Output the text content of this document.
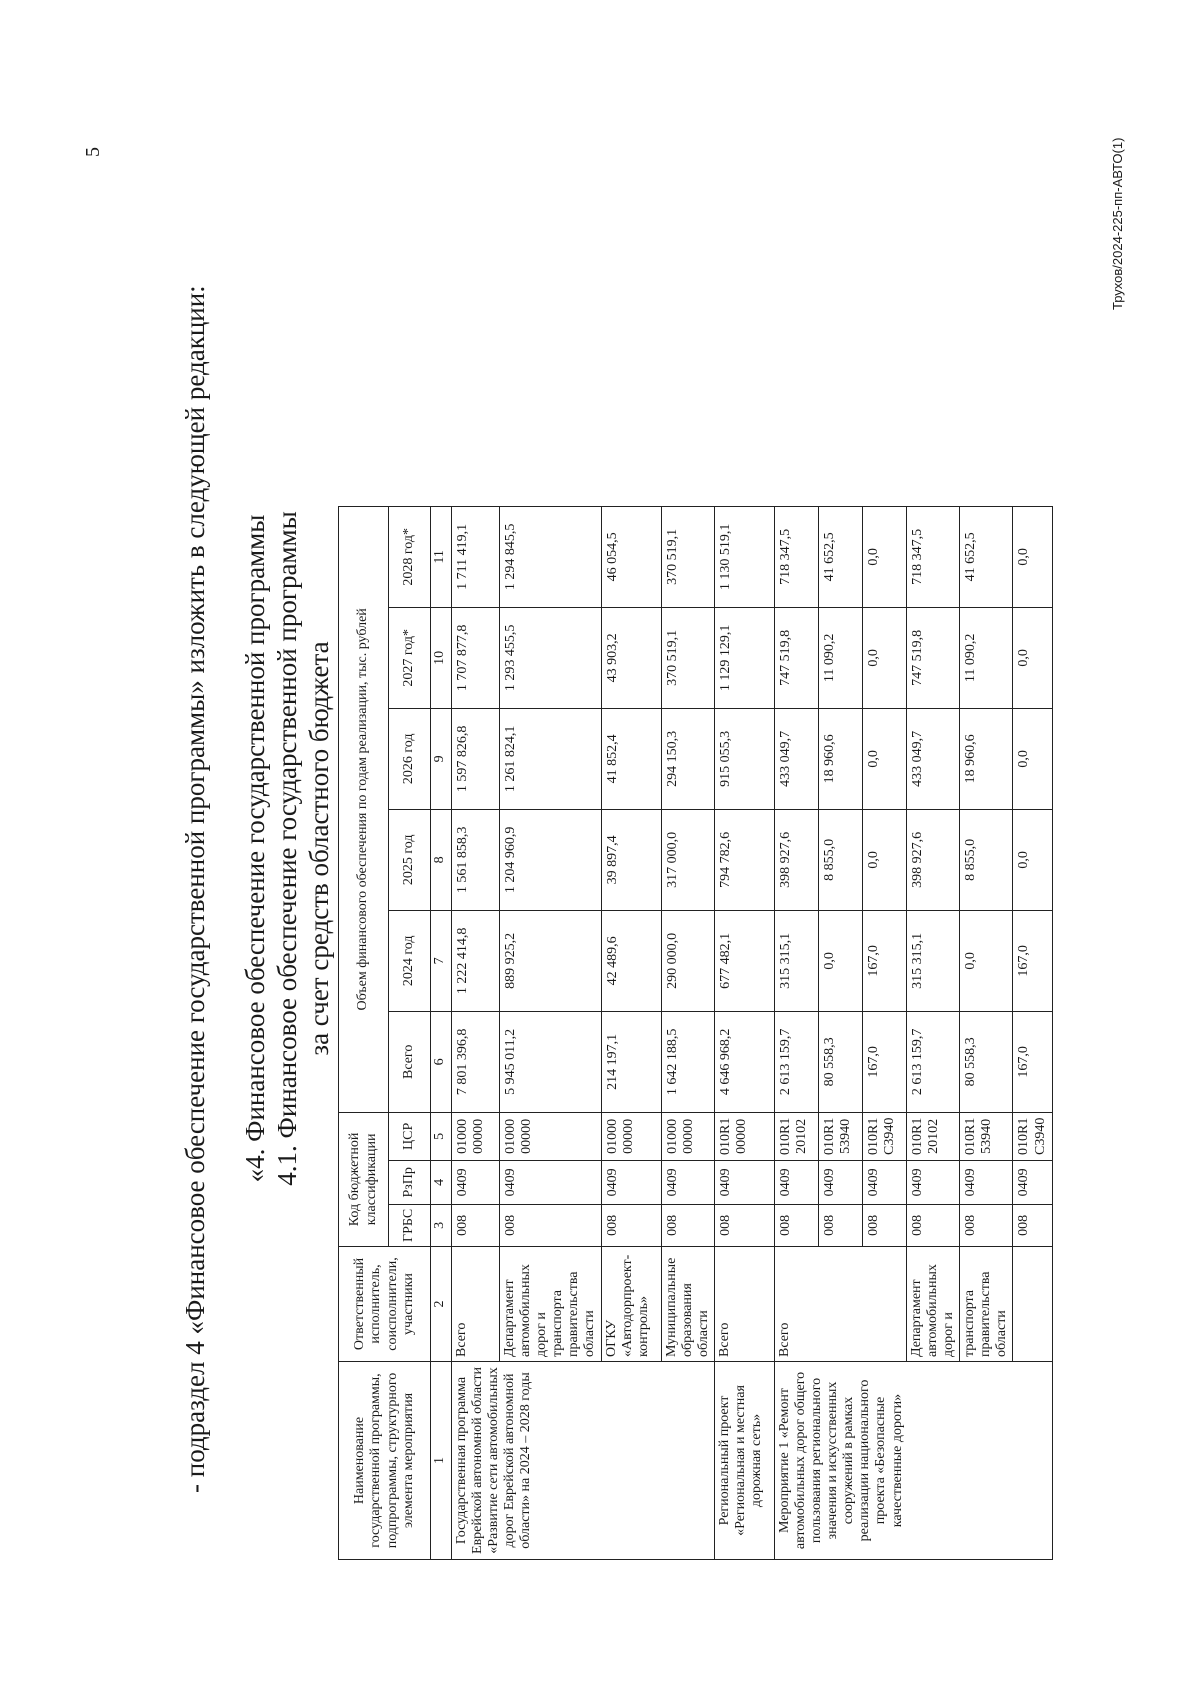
5
- подраздел 4 «Финансовое обеспечение государственной программы» изложить в следующей редакции: «4. Финансовое обеспечение государственной программы 4.1. Финансовое обеспечение государственной программы за счет средств областного бюджета
Наименование государственной программы, подпрограммы, структурного элемента мероприятия	Ответственный исполнитель, соисполнители, участники	Код бюджетной классификации			Объем финансового обеспечения по годам реализации, тыс. рублей					
		ГРБС	РзПр	ЦСР	Всего	2024 год	2025 год	2026 год	2027 год*	2028 год*
1	2	3	4	5	6	7	8	9	10	11
Государственная программа Еврейской автономной области «Развитие сети автомобильных дорог Еврейской автономной области» на 2024 – 2028 годы	Всего	008	0409	01000 00000	7 801 396,8	1 222 414,8	1 561 858,3	1 597 826,8	1 707 877,8	1 711 419,1
	Департамент автомобильных дорог и транспорта правительства области	008	0409	01000 00000	5 945 011,2	889 925,2	1 204 960,9	1 261 824,1	1 293 455,5	1 294 845,5
	ОГКУ «Автодорпроект-контроль»	008	0409	01000 00000	214 197,1	42 489,6	39 897,4	41 852,4	43 903,2	46 054,5
	Муниципальные образования области	008	0409	01000 00000	1 642 188,5	290 000,0	317 000,0	294 150,3	370 519,1	370 519,1
Региональный проект «Региональная и местная дорожная сеть»	Всего	008	0409	010R1 00000	4 646 968,2	677 482,1	794 782,6	915 055,3	1 129 129,1	1 130 519,1
Мероприятие 1 «Ремонт автомобильных дорог общего пользования регионального значения и искусственных сооружений в рамках реализации национального проекта «Безопасные качественные дороги»	Всего	008	0409	010R1 20102	2 613 159,7	315 315,1	398 927,6	433 049,7	747 519,8	718 347,5
		008	0409	010R1 53940	80 558,3	0,0	8 855,0	18 960,6	11 090,2	41 652,5
		008	0409	010R1 С3940	167,0	167,0	0,0	0,0	0,0	0,0
	Департамент автомобильных дорог и	008	0409	010R1 20102	2 613 159,7	315 315,1	398 927,6	433 049,7	747 519,8	718 347,5
	транспорта правительства области	008	0409	010R1 53940	80 558,3	0,0	8 855,0	18 960,6	11 090,2	41 652,5
		008	0409	010R1 С3940	167,0	167,0	0,0	0,0	0,0	0,0
Трухов/2024-225-пп-АВТО(1)
